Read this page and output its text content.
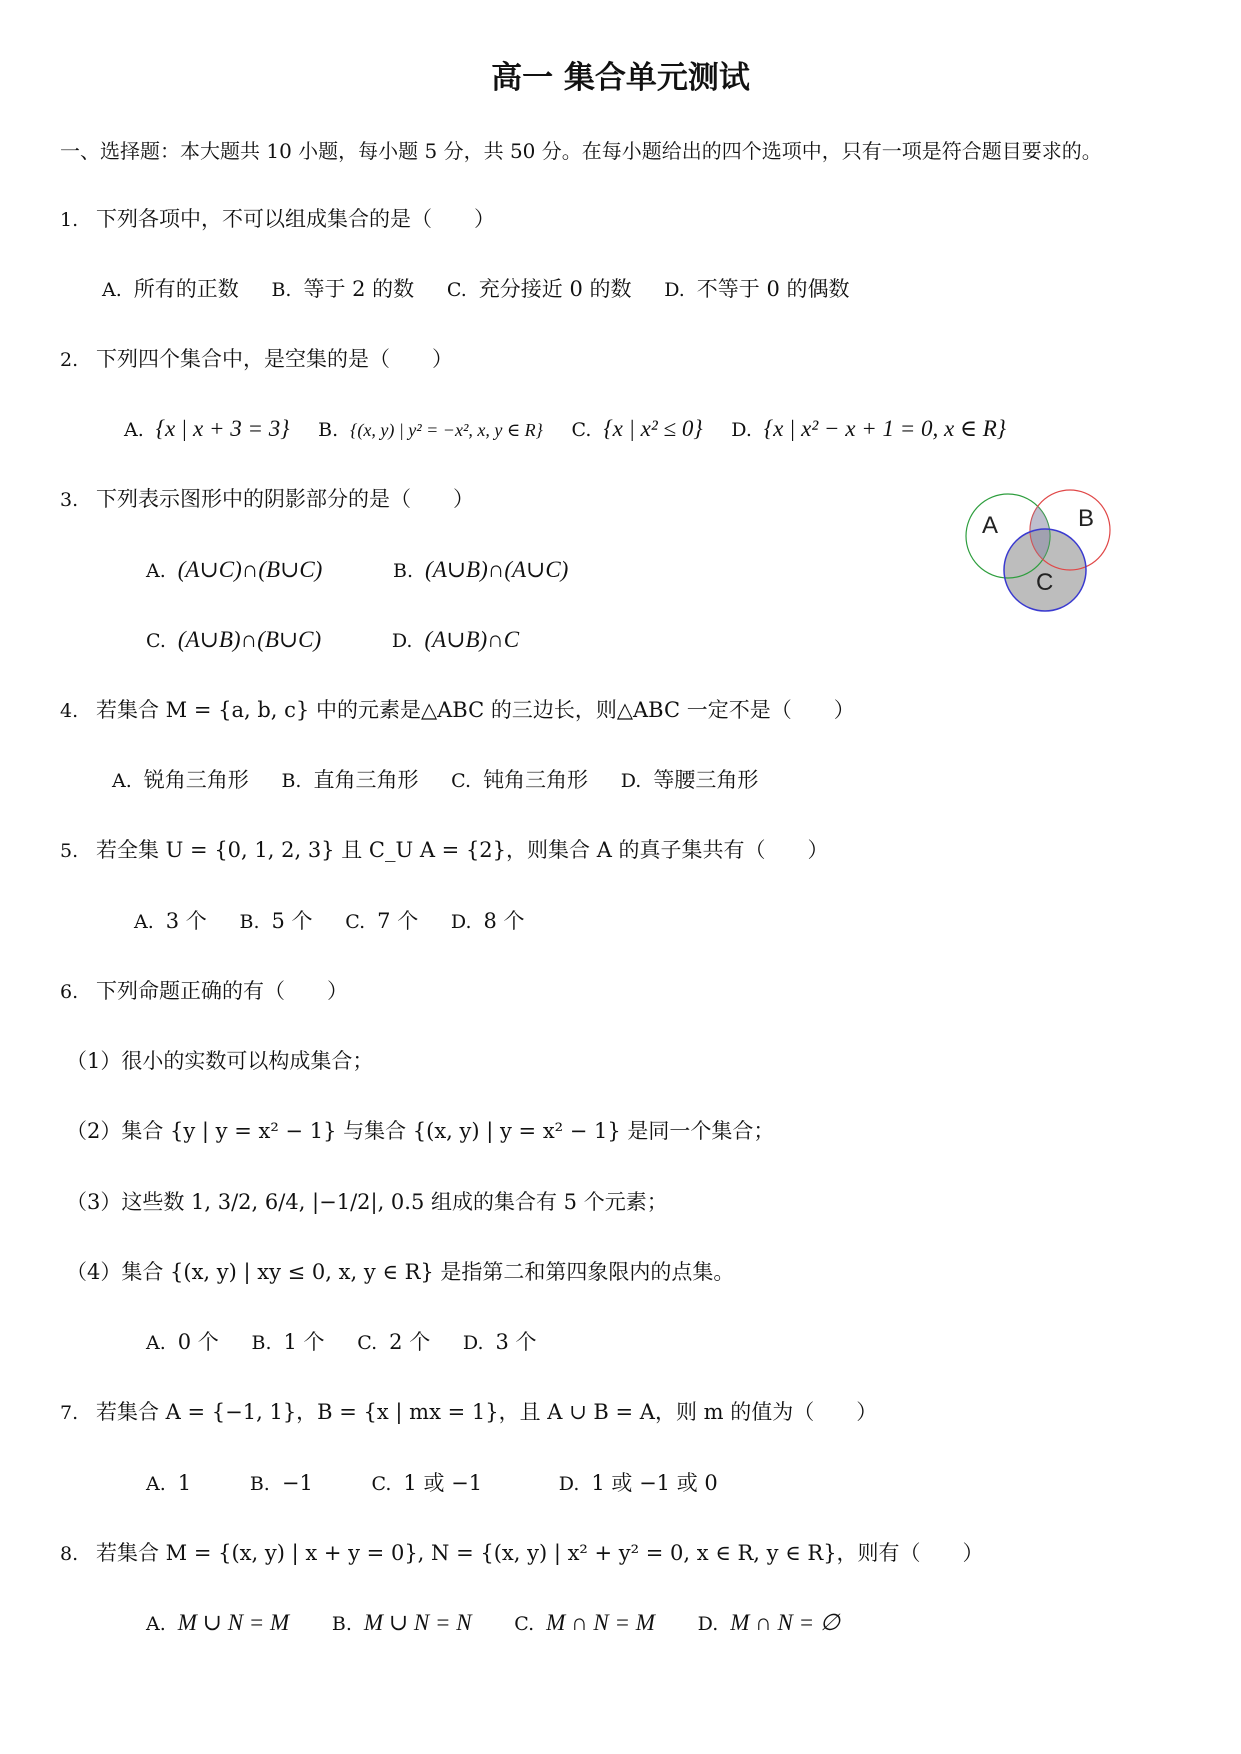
高一 集合单元测试
一、选择题：本大题共 10 小题，每小题 5 分，共 50 分。在每小题给出的四个选项中，只有一项是符合题目要求的。
1. 下列各项中，不可以组成集合的是（　　）
A. 所有的正数 B. 等于 2 的数 C. 充分接近 0 的数 D. 不等于 0 的偶数
2. 下列四个集合中，是空集的是（　　）
A. {x | x + 3 = 3} B. {(x, y) | y² = −x², x, y ∈ R} C. {x | x² ≤ 0} D. {x | x² − x + 1 = 0, x ∈ R}
3. 下列表示图形中的阴影部分的是（　　）
A. (A∪C)∩(B∪C)	B. (A∪B)∩(A∪C)
C. (A∪B)∩(B∪C)	D. (A∪B)∩C
A	B
C
4. 若集合 M = {a, b, c} 中的元素是△ABC 的三边长，则△ABC 一定不是（　　）
A. 锐角三角形 B. 直角三角形 C. 钝角三角形 D. 等腰三角形
5. 若全集 U = {0, 1, 2, 3} 且 C_U A = {2}，则集合 A 的真子集共有（　　）
A. 3 个 B. 5 个 C. 7 个 D. 8 个
6. 下列命题正确的有（　　）
（1）很小的实数可以构成集合；
（2）集合 {y | y = x² − 1} 与集合 {(x, y) | y = x² − 1} 是同一个集合；
（3）这些数 1, 3/2, 6/4, |−1/2|, 0.5 组成的集合有 5 个元素；
（4）集合 {(x, y) | xy ≤ 0, x, y ∈ R} 是指第二和第四象限内的点集。
A. 0 个 B. 1 个 C. 2 个 D. 3 个
7. 若集合 A = {−1, 1}，B = {x | mx = 1}，且 A ∪ B = A，则 m 的值为（　　）
A. 1	B. −1	C. 1 或 −1	D. 1 或 −1 或 0
8. 若集合 M = {(x, y) | x + y = 0}, N = {(x, y) | x² + y² = 0, x ∈ R, y ∈ R}，则有（　　）
A. M ∪ N = M B. M ∪ N = N C. M ∩ N = M D. M ∩ N = ∅
